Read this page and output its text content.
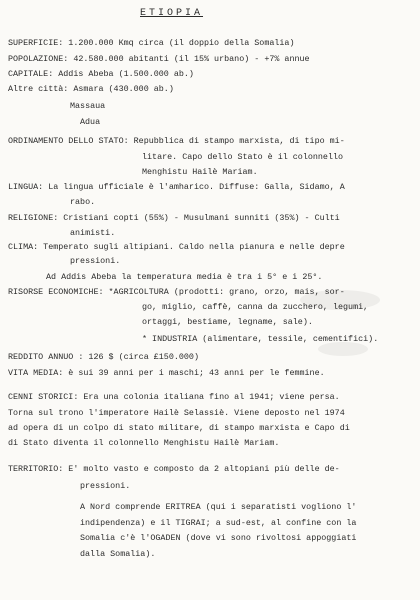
ETIOPIA
SUPERFICIE: 1.200.000 Kmq circa (il doppio della Somalia)
POPOLAZIONE: 42.580.000 abitanti (il 15% urbano) - +7% annue
CAPITALE: Addis Abeba (1.500.000 ab.)
Altre città: Asmara (430.000 ab.)
Massaua
Adua
ORDINAMENTO DELLO STATO: Repubblica di stampo marxista, di tipo mi-
litare. Capo dello Stato è il colonnello
Menghistu Hailè Mariam.
LINGUA: La lingua ufficiale è l'amharico. Diffuse: Galla, Sidamo, A
rabo.
RELIGIONE: Cristiani copti (55%) - Musulmani sunniti (35%) - Culti
animisti.
CLIMA: Temperato sugli altipiani. Caldo nella pianura e nelle depre
pressioni.
Ad Addis Abeba la temperatura media è tra i 5° e i 25°.
RISORSE ECONOMICHE: *AGRICOLTURA (prodotti: grano, orzo, mais, sor-
go, miglio, caffè, canna da zucchero, legumi,
ortaggi, bestiame, legname, sale).
* INDUSTRIA (alimentare, tessile, cementifici).
REDDITO ANNUO : 126 $ (circa £150.000)
VITA MEDIA: è sui 39 anni per i maschi; 43 anni per le femmine.
CENNI STORICI: Era una colonia italiana fino al 1941; viene persa.
Torna sul trono l'imperatore Hailè Selassiè. Viene deposto nel 1974
ad opera di un colpo di stato militare, di stampo marxista e Capo di
di Stato diventa il colonnello Menghistu Hailè Mariam.
TERRITORIO: E' molto vasto e composto da 2 altopiani più delle de-
pressioni.
A Nord comprende ERITREA (qui i separatisti vogliono l'
indipendenza) e il TIGRAI; a sud-est, al confine con la
Somalia c'è l'OGADEN (dove vi sono rivoltosi appoggiati
dalla Somalia).
